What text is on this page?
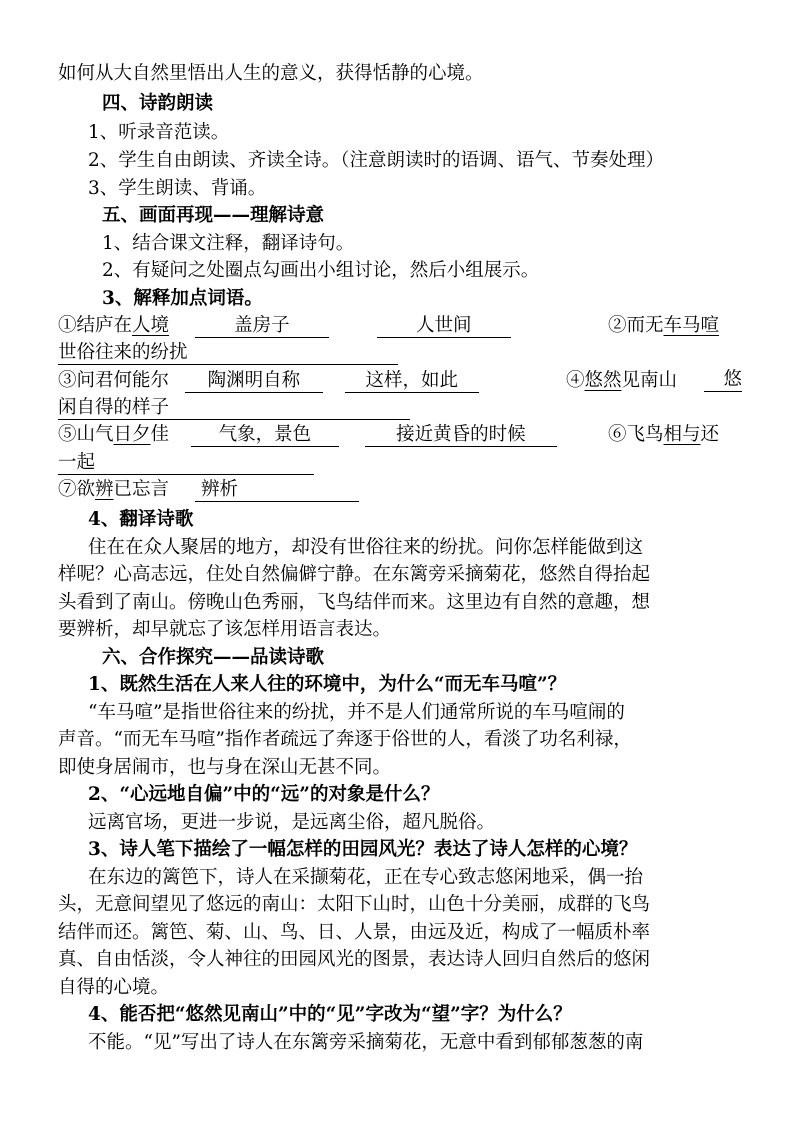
如何从大自然里悟出人生的意义，获得恬静的心境。
四、诗韵朗读
1、听录音范读。
2、学生自由朗读、齐读全诗。（注意朗读时的语调、语气、节奏处理）
3、学生朗读、背诵。
五、画面再现——理解诗意
1、结合课文注释，翻译诗句。
2、有疑问之处圈点勾画出小组讨论，然后小组展示。
3、解释加点词语。
①结庐在人境	盖房子	人世间	②而无车马喧
世俗往来的纷扰
③问君何能尔 陶渊明自称	这样，如此	④悠然见南山	悠
闲自得的样子
⑤山气日夕佳	气象，景色	接近黄昏的时候	⑥飞鸟相与还
一起
⑦欲辨已忘言 辨析
4、翻译诗歌
住在在众人聚居的地方，却没有世俗往来的纷扰。问你怎样能做到这
样呢？心高志远，住处自然偏僻宁静。在东篱旁采摘菊花，悠然自得抬起
头看到了南山。傍晚山色秀丽，飞鸟结伴而来。这里边有自然的意趣，想
要辨析，却早就忘了该怎样用语言表达。
六、合作探究——品读诗歌
1、既然生活在人来人往的环境中，为什么“而无车马喧”？
“车马喧”是指世俗往来的纷扰，并不是人们通常所说的车马喧闹的
声音。“而无车马喧”指作者疏远了奔逐于俗世的人，看淡了功名利禄，
即使身居闹市，也与身在深山无甚不同。
2、“心远地自偏”中的“远”的对象是什么？
远离官场，更进一步说，是远离尘俗，超凡脱俗。
3、诗人笔下描绘了一幅怎样的田园风光？表达了诗人怎样的心境？
在东边的篱笆下，诗人在采撷菊花，正在专心致志悠闲地采，偶一抬
头，无意间望见了悠远的南山：太阳下山时，山色十分美丽，成群的飞鸟
结伴而还。篱笆、菊、山、鸟、日、人景，由远及近，构成了一幅质朴率
真、自由恬淡，令人神往的田园风光的图景，表达诗人回归自然后的悠闲
自得的心境。
4、能否把“悠然见南山”中的“见”字改为“望”字？为什么？
不能。“见”写出了诗人在东篱旁采摘菊花，无意中看到郁郁葱葱的南
